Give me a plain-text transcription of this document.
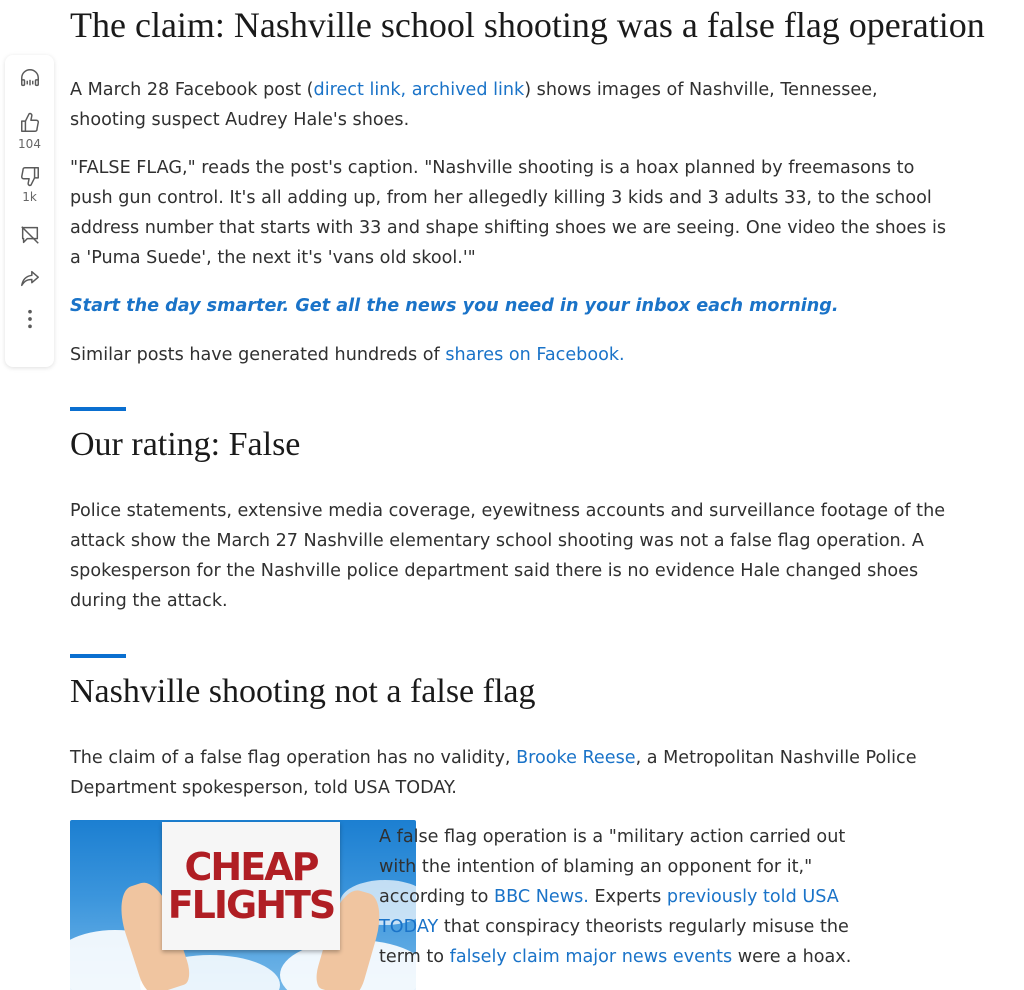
104
1k
The claim: Nashville school shooting was a false flag operation

A March 28 Facebook post (direct link, archived link) shows images of Nashville, Tennessee, shooting suspect Audrey Hale's shoes.

"FALSE FLAG," reads the post's caption. "Nashville shooting is a hoax planned by freemasons to push gun control. It's all adding up, from her allegedly killing 3 kids and 3 adults 33, to the school address number that starts with 33 and shape shifting shoes we are seeing. One video the shoes is a 'Puma Suede', the next it's 'vans old skool.'"

Start the day smarter. Get all the news you need in your inbox each morning.

Similar posts have generated hundreds of shares on Facebook.

Our rating: False

Police statements, extensive media coverage, eyewitness accounts and surveillance footage of the attack show the March 27 Nashville elementary school shooting was not a false flag operation. A spokesperson for the Nashville police department said there is no evidence Hale changed shoes during the attack.

Nashville shooting not a false flag

The claim of a false flag operation has no validity, Brooke Reese, a Metropolitan Nashville Police Department spokesperson, told USA TODAY.

CHEAP
FLIGHTS

A false flag operation is a "military action carried out with the intention of blaming an opponent for it," according to BBC News. Experts previously told USA TODAY that conspiracy theorists regularly misuse the term to falsely claim major news events were a hoax.
